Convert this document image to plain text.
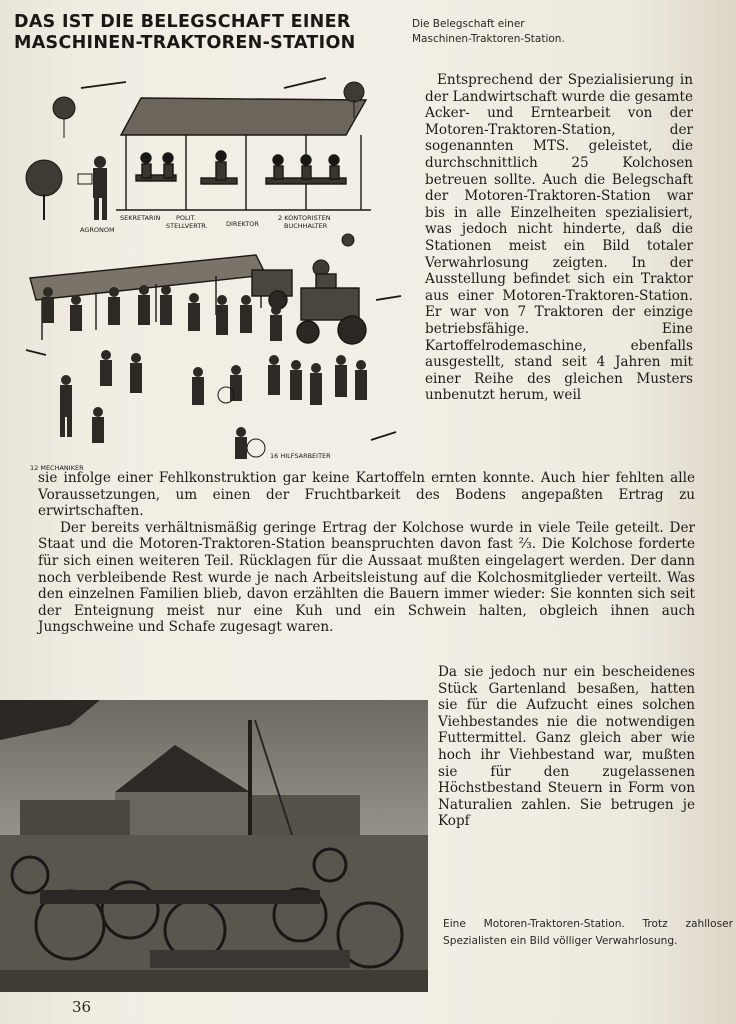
DAS IST DIE BELEGSCHAFT EINER
MASCHINEN-TRAKTOREN-STATION
Die Belegschaft einer
Maschinen-Traktoren-Station.
SEKRETARIN POLIT.
STELLVERTR.	DIREKTOR
2 KONTORISTEN
BUCHHALTER
AGRONOM
12 MECHANIKER
16 HILFSARBEITER

Entsprechend der Spezialisierung in der Landwirtschaft wurde die gesamte Acker- und Erntearbeit von der Motoren-Traktoren-Station, der sogenannten MTS. geleistet, die durchschnittlich 25 Kolchosen betreuen sollte. Auch die Belegschaft der Motoren-Traktoren-Station war bis in alle Einzelheiten spezialisiert, was jedoch nicht hinderte, daß die Stationen meist ein Bild totaler Verwahrlosung zeigten. In der Ausstellung befindet sich ein Traktor aus einer Motoren-Traktoren-Station. Er war von 7 Traktoren der einzige betriebsfähige. Eine Kartoffelrodemaschine, ebenfalls ausgestellt, stand seit 4 Jahren mit einer Reihe des gleichen Musters unbenutzt herum, weil

sie infolge einer Fehlkonstruktion gar keine Kartoffeln ernten konnte. Auch hier fehlten alle Voraussetzungen, um einen der Fruchtbarkeit des Bodens angepaßten Ertrag zu erwirtschaften.

Der bereits verhältnismäßig geringe Ertrag der Kolchose wurde in viele Teile geteilt. Der Staat und die Motoren-Traktoren-Station beanspruchten davon fast ⅔. Die Kolchose forderte für sich einen weiteren Teil. Rücklagen für die Aussaat mußten eingelagert werden. Der dann noch verbleibende Rest wurde je nach Arbeitsleistung auf die Kolchosmitglieder verteilt. Was den einzelnen Familien blieb, davon erzählten die Bauern immer wieder: Sie konnten sich seit der Enteignung meist nur eine Kuh und ein Schwein halten, obgleich ihnen auch Jungschweine und Schafe zugesagt waren.

Da sie jedoch nur ein bescheidenes Stück Gartenland besaßen, hatten sie für die Aufzucht eines solchen Viehbestandes nie die notwendigen Futtermittel. Ganz gleich aber wie hoch ihr Viehbestand war, mußten sie für den zugelassenen Höchstbestand Steuern in Form von Naturalien zahlen. Sie betrugen je Kopf

Eine Motoren-Traktoren-Station. Trotz zahlloser Spezialisten ein Bild völliger Verwahrlosung.
36
